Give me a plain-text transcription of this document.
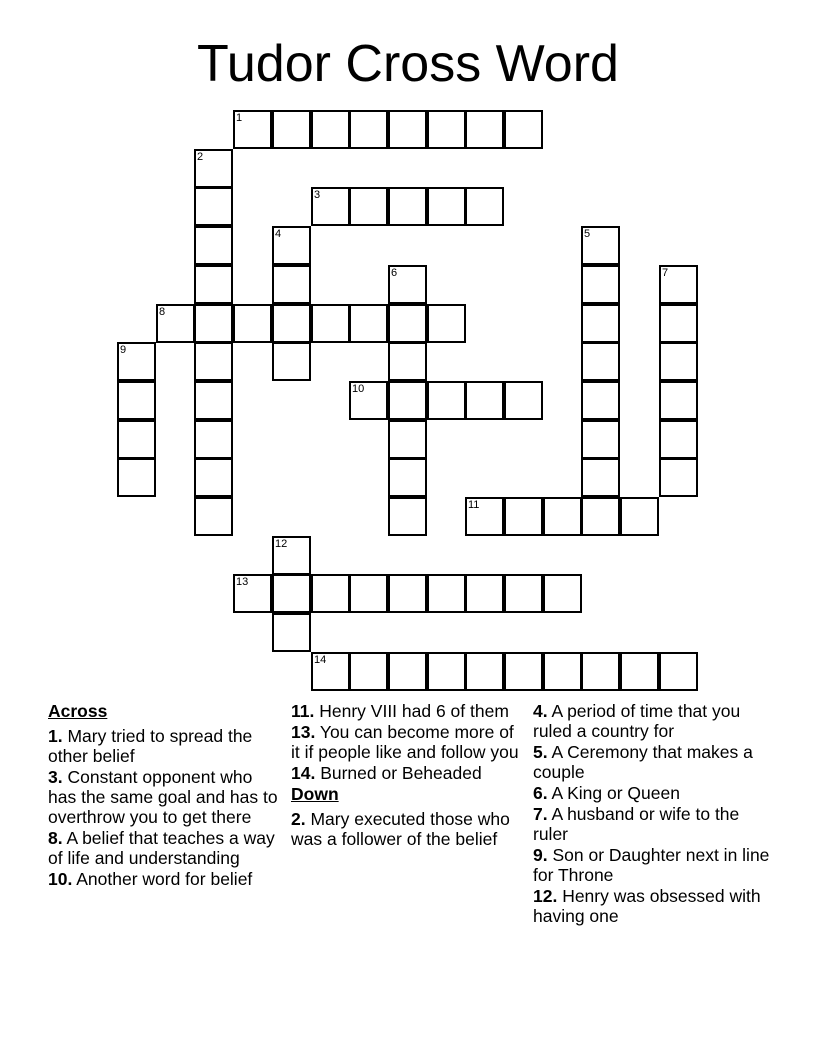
Tudor Cross Word
1
2
3
4	5
6	7
8
9
10
11
12
13
14
Across
1. Mary tried to spread the other belief
3. Constant opponent who has the same goal and has to overthrow you to get there
8. A belief that teaches a way of life and understanding
10. Another word for belief
11. Henry VIII had 6 of them
13. You can become more of it if people like and follow you
14. Burned or Beheaded
Down
2. Mary executed those who was a follower of the belief
4. A period of time that you ruled a country for
5. A Ceremony that makes a couple
6. A King or Queen
7. A husband or wife to the ruler
9. Son or Daughter next in line for Throne
12. Henry was obsessed with having one
